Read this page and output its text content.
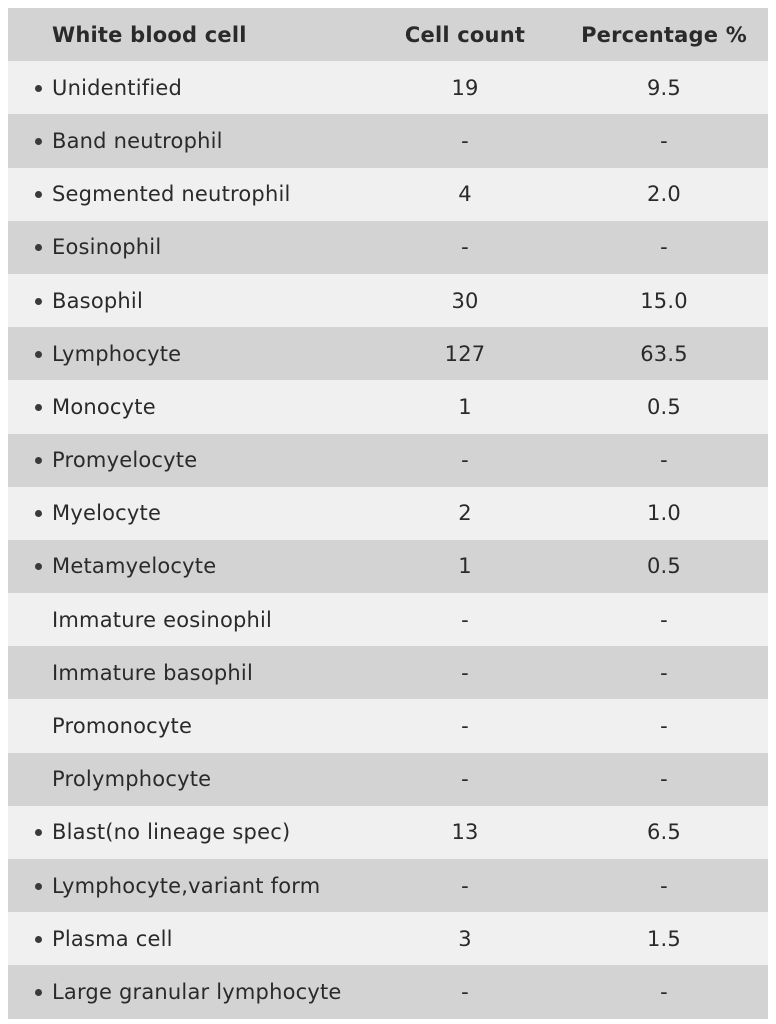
White blood cell	Cell count	Percentage %
Unidentified	19	9.5
Band neutrophil	-	-
Segmented neutrophil	4	2.0
Eosinophil	-	-
Basophil	30	15.0
Lymphocyte	127	63.5
Monocyte	1	0.5
Promyelocyte	-	-
Myelocyte	2	1.0
Metamyelocyte	1	0.5
Immature eosinophil	-	-
Immature basophil	-	-
Promonocyte	-	-
Prolymphocyte	-	-
Blast(no lineage spec)	13	6.5
Lymphocyte,variant form	-	-
Plasma cell	3	1.5
Large granular lymphocyte	-	-
